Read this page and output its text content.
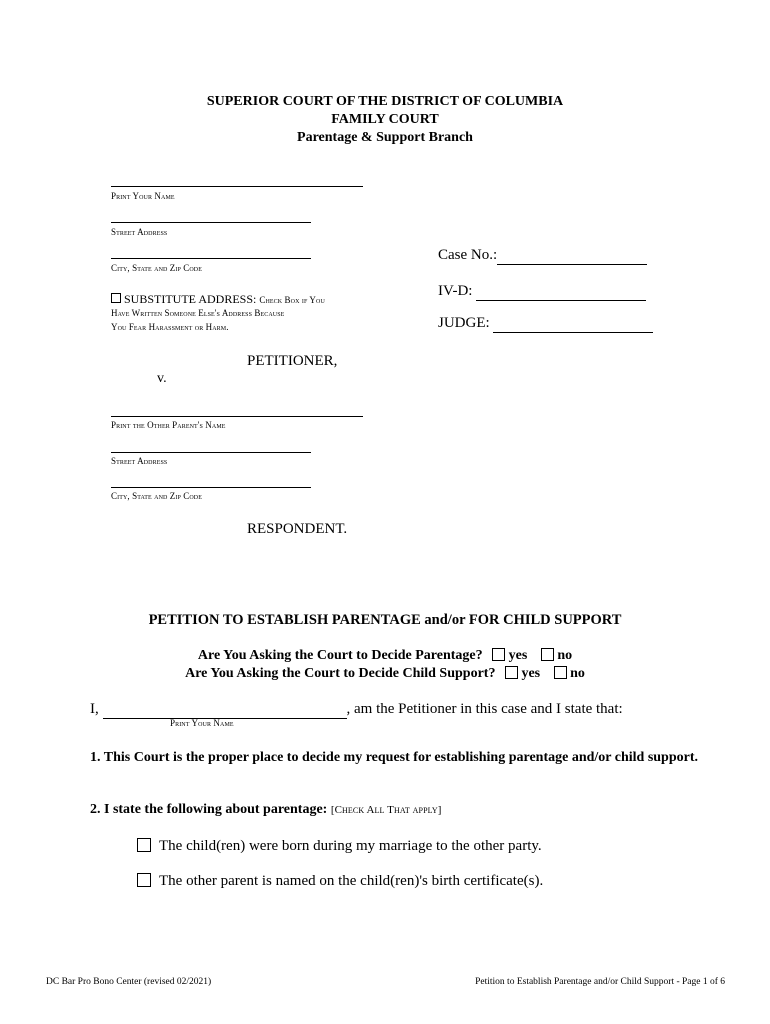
SUPERIOR COURT OF THE DISTRICT OF COLUMBIA
FAMILY COURT
Parentage & Support Branch
Print Your Name
Street Address
City, State and Zip Code
SUBSTITUTE ADDRESS: Check Box if You
Have Written Someone Else's Address Because
You Fear Harassment or Harm.
Case No.:
IV-D:
JUDGE:
PETITIONER,
v.
Print the Other Parent's Name
Street Address
City, State and Zip Code
RESPONDENT.
PETITION TO ESTABLISH PARENTAGE and/or FOR CHILD SUPPORT
Are You Asking the Court to Decide Parentage? yes no
Are You Asking the Court to Decide Child Support? yes no
I,	, am the Petitioner in this case and I state that:
Print Your Name
1. This Court is the proper place to decide my request for establishing parentage and/or child support.
2. I state the following about parentage: [Check All That apply]
The child(ren) were born during my marriage to the other party.
The other parent is named on the child(ren)'s birth certificate(s).
DC Bar Pro Bono Center (revised 02/2021)	Petition to Establish Parentage and/or Child Support - Page 1 of 6
